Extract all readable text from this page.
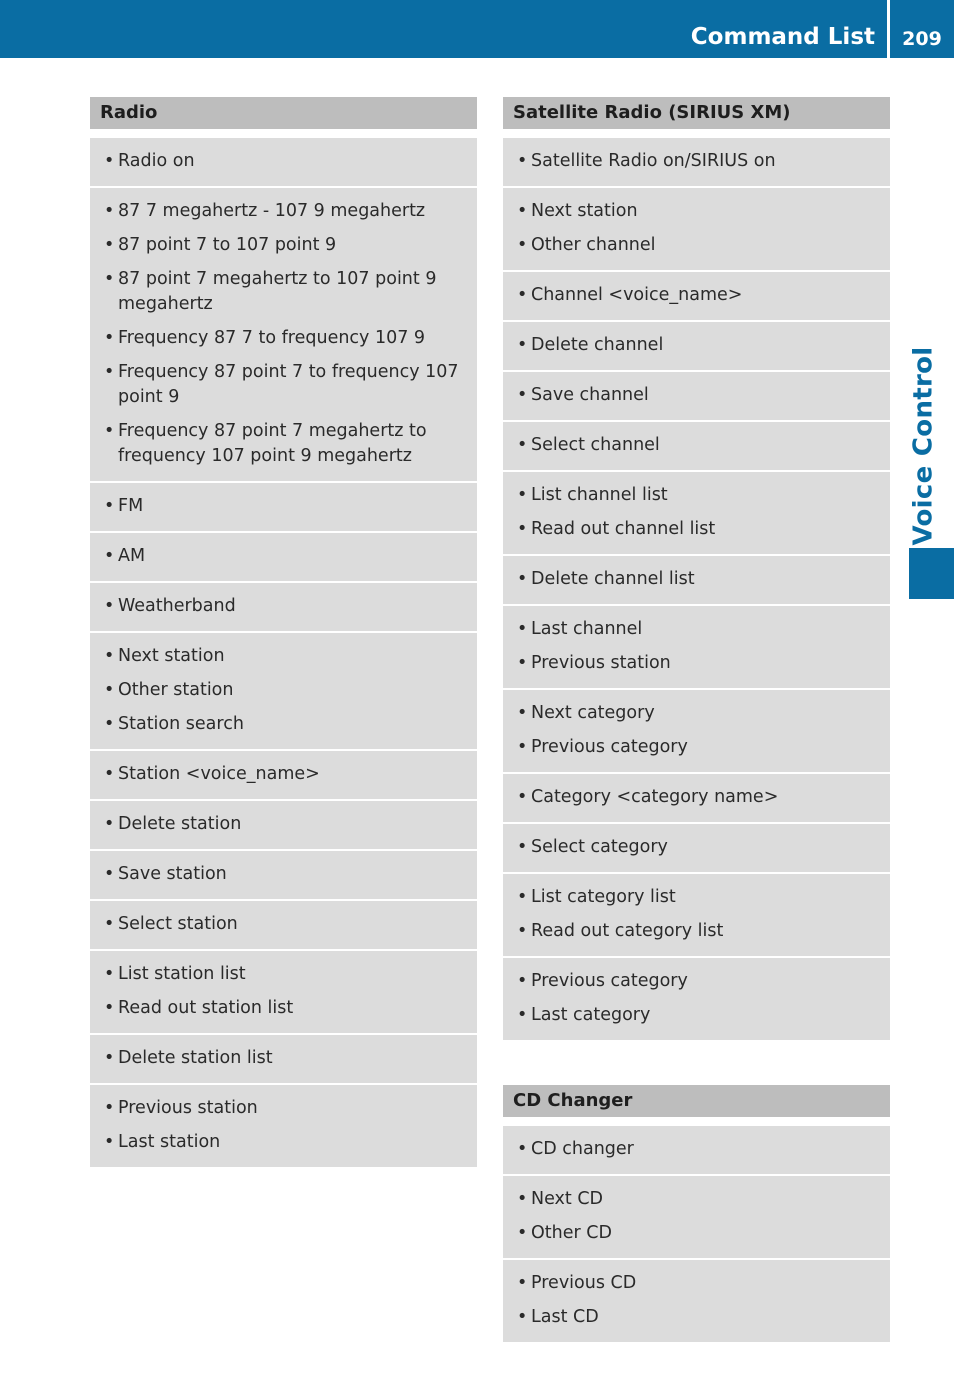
Command List	209
Voice Control
Radio
• Radio on
• 87 7 megahertz - 107 9 megahertz
• 87 point 7 to 107 point 9
• 87 point 7 megahertz to 107 point 9 megahertz
• Frequency 87 7 to frequency 107 9
• Frequency 87 point 7 to frequency 107 point 9
• Frequency 87 point 7 megahertz to frequency 107 point 9 megahertz
• FM
• AM
• Weatherband
• Next station
• Other station
• Station search
• Station <voice_name>
• Delete station
• Save station
• Select station
• List station list
• Read out station list
• Delete station list
• Previous station
• Last station
Satellite Radio (SIRIUS XM)
• Satellite Radio on/SIRIUS on
• Next station
• Other channel
• Channel <voice_name>
• Delete channel
• Save channel
• Select channel
• List channel list
• Read out channel list
• Delete channel list
• Last channel
• Previous station
• Next category
• Previous category
• Category <category name>
• Select category
• List category list
• Read out category list
• Previous category
• Last category
CD Changer
• CD changer
• Next CD
• Other CD
• Previous CD
• Last CD
